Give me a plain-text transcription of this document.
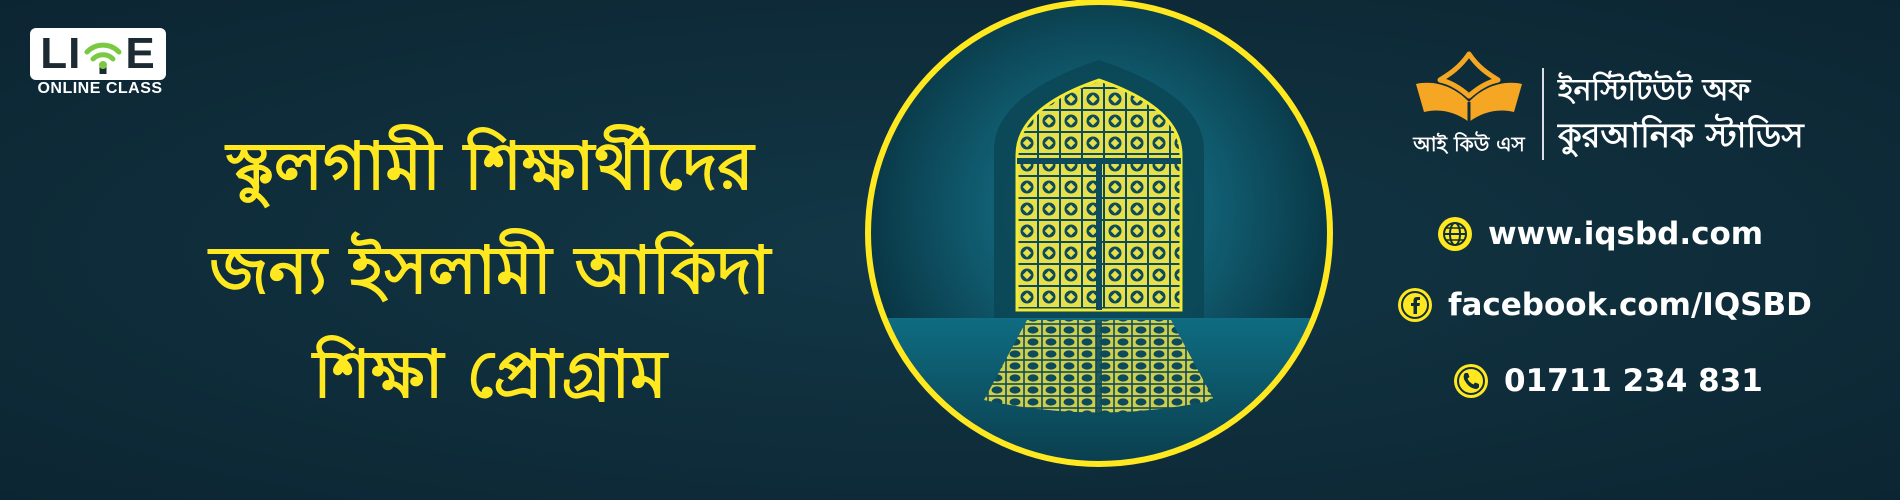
LI E
ONLINE CLASS
স্কুলগামী শিক্ষার্থীদের
জন্য ইসলামী আকিদা
শিক্ষা প্রোগ্রাম
আই কিউ এস
ইনস্টিটিউট অফ
কুরআনিক স্টাডিস
www.iqsbd.com
facebook.com/IQSBD
01711 234 831
